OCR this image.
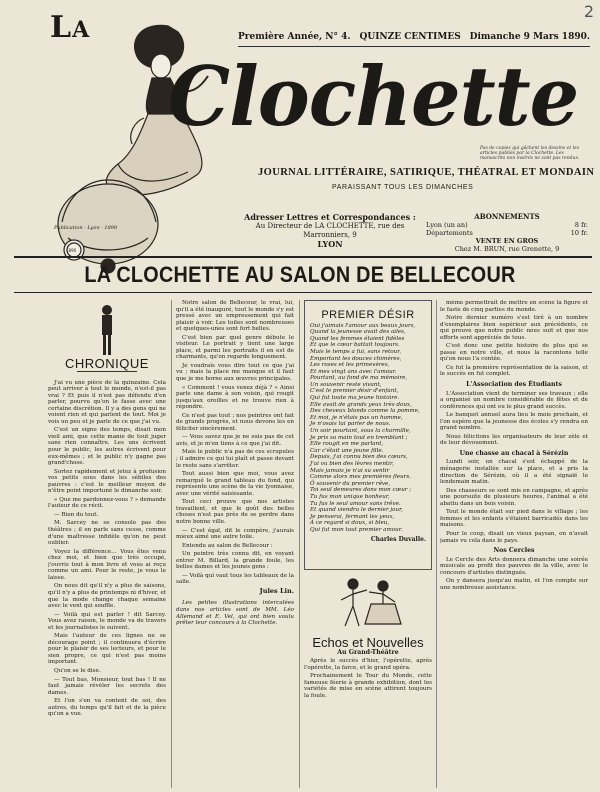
2
1890
LA	Première Année, N° 4. QUINZE CENTIMES Dimanche 9 Mars 1890.
Clochette
JOURNAL LITTÉRAIRE, SATIRIQUE, THÉATRAL ET MONDAIN
PARAISSANT TOUS LES DIMANCHES
Pas de copies qui gâchent les dessins et les articles publiés par la Clochette. Les manuscrits non insérés ne sont pas rendus.
Publication · Lyon · 1890
Adresser Lettres et Correspondances :
Au Directeur de LA CLOCHETTE, rue des Marronniers, 9
LYON
ABONNEMENTS
Lyon (un an)	8 fr.
Départements	10 fr.
VENTE EN GROS
Chez M. BRUN, rue Grenette, 9
LA CLOCHETTE AU SALON DE BELLECOUR
CHRONIQUE

J'ai vu une pièce de la quinzaine. Cela peut arriver à tout le monde, n'est-il pas vrai ? Et puis il n'est pas défendu d'en parler, pourvu qu'on le fasse avec une certaine discrétion. Il y a des gens qui ne voient rien et qui parlent de tout. Moi je vois un peu et je parle de ce que j'ai vu.

C'est un signe des temps, disait mon vieil ami, que cette manie de tout juger sans rien connaître. Les uns écrivent pour le public, les autres écrivent pour eux-mêmes ; et le public n'y gagne pas grand'chose.

Sortez rapidement et jetez à profusion vos petits sous dans les sébiles des pauvres : c'est le meilleur moyen de n'être point importuné le dimanche soir.

« Que me pardonnez-vous ? » demande l'auteur de ce récit.

— Rien du tout.

M. Sarcey ne se console pas des théâtres ; il en parle sans cesse, comme d'une maîtresse infidèle qu'on ne peut oublier.

Voyez la différence… Vous êtes venu chez moi, et bien que très occupé, j'ouvris tout à mon livre et vous ai reçu comme un ami. Pour le reste, je vous le laisse.

On nous dit qu'il n'y a plus de saisons, qu'il n'y a plus de printemps ni d'hiver, et que la mode change chaque semaine avec le vent qui souffle.

— Voilà qui est parler ! dit Sarcey. Vous avez raison, le monde va de travers et les journalistes le suivent.

Mais l'auteur de ces lignes ne se décourage point ; il continuera d'écrire pour le plaisir de ses lecteurs, et pour le sien propre, ce qui n'est pas moins important.

Qu'on se le dise.

— Tout bas, Monsieur, tout bas ! Il ne faut jamais révéler les secrets des dames.

Et l'on s'en va content de soi, des autres, du temps qu'il fait et de la pièce qu'on a vue.

Notre salon de Bellecour, le vrai, lui, qu'il a été inauguré, tout le monde s'y est pressé avec un empressement qui fait plaisir à voir. Les toiles sont nombreuses et quelques-unes sont fort belles.

C'est bien par quel genre débute le visiteur. Le portrait y tient une large place, et parmi les portraits il en est de charmants, qu'on regarde longuement.

Je voudrais vous dire tout ce que j'ai vu ; mais la place me manque et il faut que je me borne aux œuvres principales.

« Comment ! vous venez déjà ? » Ainsi parle une dame à son voisin, qui rougit jusqu'aux oreilles et ne trouve rien à répondre.

Ce n'est pas tout ; nos peintres ont fait de grands progrès, et nous devons les en féliciter sincèrement.

— Vous savez que je ne suis pas de cet avis, et je m'en tiens à ce que j'ai dit.

Mais le public n'a pas de ces scrupules ; il admire ce qui lui plaît et passe devant le reste sans s'arrêter.

Tout aussi bien que moi, vous avez remarqué le grand tableau du fond, qui représente une scène de la vie lyonnaise, avec une vérité saisissante.

Tout ceci prouve que nos artistes travaillent, et que le goût des belles choses n'est pas près de se perdre dans notre bonne ville.

— C'est égal, dit le compère, j'aurais mieux aimé une autre toile.

Entendu au salon de Bellecour :

Un peintre très connu dit, en voyant entrer M. Billard, la grande foule, les belles dames et les jeunes gens :

— Voilà qui vaut tous les tableaux de la salle.

Jules Lin.

Les petites illustrations intercalées dans nos articles sont de MM. Léo Allemand et E. Vel, qui ont bien voulu prêter leur concours à la Clochette.

PREMIER DÉSIR
Oui j'aimais l'amour aux beaux jours,
Quand la jeunesse avait des ailes,
Quand les femmes étaient fidèles
Et que le cœur battait toujours.
Mais le temps a fui, sans retour,
Emportant les douces chimères,
Les roses et les primevères,
Et mes vingt ans avec l'amour.
Pourtant, au fond de ma mémoire,
Un souvenir reste vivant,
C'est le premier désir d'enfant,
Qui fut toute ma jeune histoire.
Elle avait de grands yeux très doux,
Des cheveux blonds comme la pomme,
Et moi, je n'étais pas un homme,
Je n'osais lui parler de nous.
Un soir pourtant, sous la charmille,
Je pris sa main tout en tremblant ;
Elle rougit en me parlant,
Car c'était une jeune fille.
Depuis, j'ai connu bien des cœurs,
J'ai vu bien des lèvres mentir,
Mais jamais je n'ai su sentir
Comme alors mes premières fleurs.
Ô souvenir du premier rêve,
Toi seul demeures dans mon cœur ;
Tu fus mon unique bonheur,
Tu fus le seul amour sans trêve.
Et quand viendra le dernier jour,
Je penserai, fermant les yeux,
À ce regard si doux, si bleu,
Qui fut mon tout premier amour.
Charles Duvalle.
Echos et Nouvelles
Au Grand-Théâtre

Après le succès d'hier, l'opérette, après l'opérette, la farce, et le grand opéra.

Prochainement le Tour du Monde, cette fameuse féerie à grande exhibition, dont les variétés de mise en scène attirent toujours la foule.

même permettrait de mettre en scène la figure et le faste de cinq parties du monde.

Notre dernier numéro s'est tiré à un nombre d'exemplaires bien supérieur aux précédents, ce qui prouve que notre public nous suit et que nos efforts sont appréciés de tous.

C'est donc une petite histoire de plus qui se passe en notre ville, et nous la racontons telle qu'on nous l'a contée.

Ce fut la première représentation de la saison, et le succès en fut complet.

L'Association des Étudiants

L'Association vient de terminer ses travaux ; elle a organisé un nombre considérable de fêtes et de conférences qui ont eu le plus grand succès.

Le banquet annuel aura lieu le mois prochain, et l'on espère que la jeunesse des écoles s'y rendra en grand nombre.

Nous félicitons les organisateurs de leur zèle et de leur dévouement.

Une chasse au chacal à Sérézin

Lundi soir, un chacal s'est échappé de la ménagerie installée sur la place, et a pris la direction de Sérézin, où il a été signalé le lendemain matin.

Des chasseurs se sont mis en campagne, et après une poursuite de plusieurs heures, l'animal a été abattu dans un bois voisin.

Tout le monde était sur pied dans le village ; les femmes et les enfants s'étaient barricadés dans les maisons.

Pour le coup, disait un vieux paysan, on n'avait jamais vu cela dans le pays.

Nos Cercles

Le Cercle des Arts donnera dimanche une soirée musicale au profit des pauvres de la ville, avec le concours d'artistes distingués.

On y dansera jusqu'au matin, et l'on compte sur une nombreuse assistance.
